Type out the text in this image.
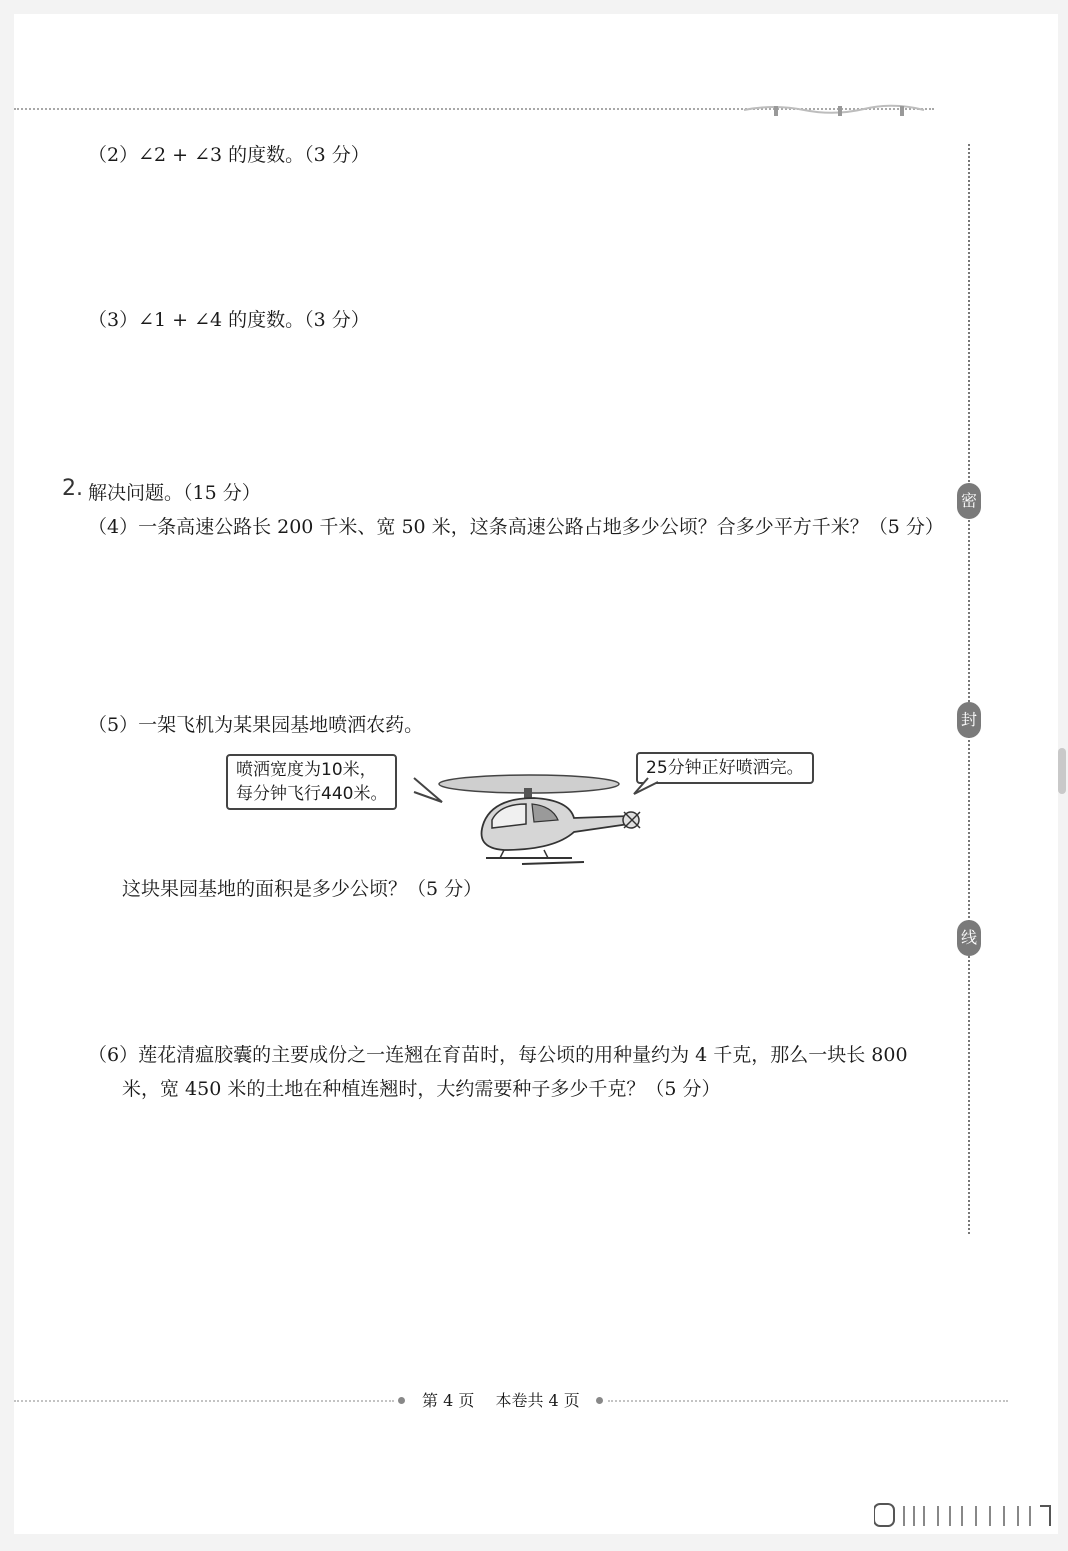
（2）∠2 + ∠3 的度数。（3 分）
（3）∠1 + ∠4 的度数。（3 分）
2. 解决问题。（15 分）
（4）一条高速公路长 200 千米、宽 50 米，这条高速公路占地多少公顷？合多少平方千米？（5 分）
（5）一架飞机为某果园基地喷洒农药。
喷洒宽度为10米，
每分钟飞行440米。
25分钟正好喷洒完。
这块果园基地的面积是多少公顷？（5 分）
（6）莲花清瘟胶囊的主要成份之一连翘在育苗时，每公顷的用种量约为 4 千克，那么一块长 800
米，宽 450 米的土地在种植连翘时，大约需要种子多少千克？（5 分）
密
封
线
第 4 页 本卷共 4 页
